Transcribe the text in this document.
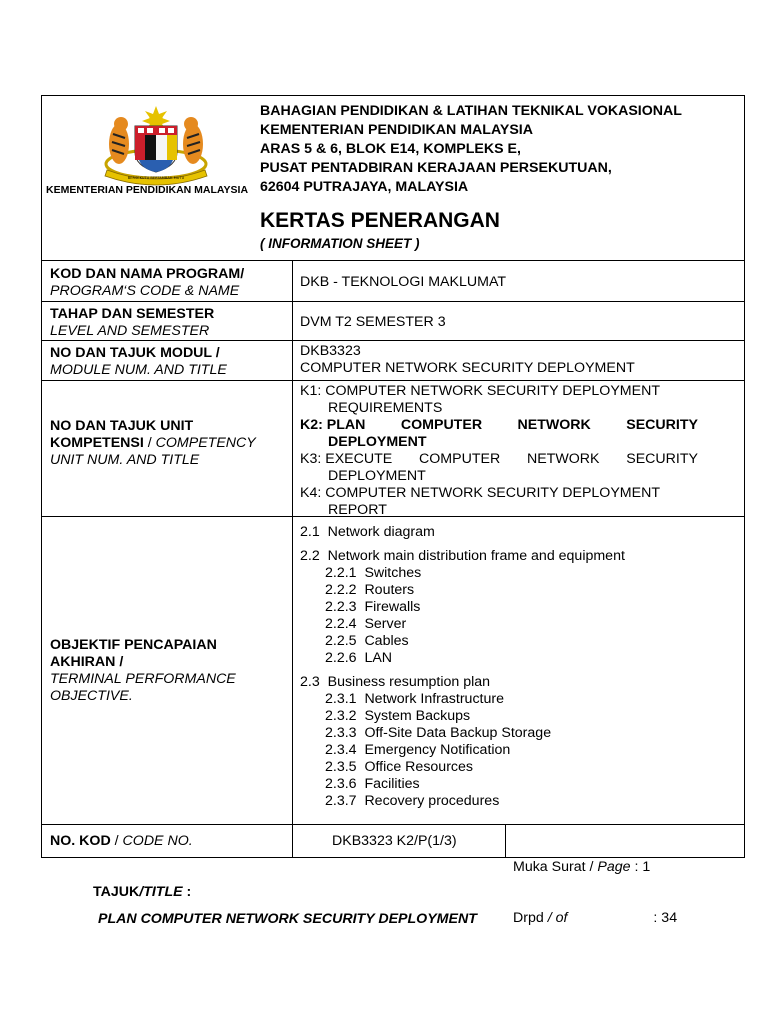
BERSEKUTU BERTAMBAH MUTU
KEMENTERIAN PENDIDIKAN MALAYSIA
BAHAGIAN PENDIDIKAN & LATIHAN TEKNIKAL VOKASIONAL
KEMENTERIAN PENDIDIKAN MALAYSIA
ARAS 5 & 6, BLOK E14, KOMPLEKS E,
PUSAT PENTADBIRAN KERAJAAN PERSEKUTUAN,
62604 PUTRAJAYA, MALAYSIA
KERTAS PENERANGAN
( INFORMATION SHEET )
KOD DAN NAMA PROGRAM/
PROGRAM‘S CODE & NAME
DKB - TEKNOLOGI MAKLUMAT
TAHAP DAN SEMESTER
LEVEL AND SEMESTER
DVM T2 SEMESTER 3
NO DAN TAJUK MODUL /
MODULE NUM. AND TITLE
DKB3323
COMPUTER NETWORK SECURITY DEPLOYMENT
NO DAN TAJUK UNIT
KOMPETENSI / COMPETENCY
UNIT NUM. AND TITLE
K1: COMPUTER NETWORK SECURITY DEPLOYMENT
REQUIREMENTS
K2: PLAN COMPUTER NETWORK SECURITY
DEPLOYMENT
K3: EXECUTE COMPUTER NETWORK SECURITY
DEPLOYMENT
K4: COMPUTER NETWORK SECURITY DEPLOYMENT
REPORT
OBJEKTIF PENCAPAIAN
AKHIRAN /
TERMINAL PERFORMANCE
OBJECTIVE.
2.1  Network diagram
2.2  Network main distribution frame and equipment
2.2.1  Switches
2.2.2  Routers
2.2.3  Firewalls
2.2.4  Server
2.2.5  Cables
2.2.6  LAN
2.3  Business resumption plan
2.3.1  Network Infrastructure
2.3.2  System Backups
2.3.3  Off-Site Data Backup Storage
2.3.4  Emergency Notification
2.3.5  Office Resources
2.3.6  Facilities
2.3.7  Recovery procedures
NO. KOD / CODE NO.	DKB3323 K2/P(1/3)

Muka Surat / Page : 1

Drpd / of	: 34

TAJUK/TITLE :
PLAN COMPUTER NETWORK SECURITY DEPLOYMENT
